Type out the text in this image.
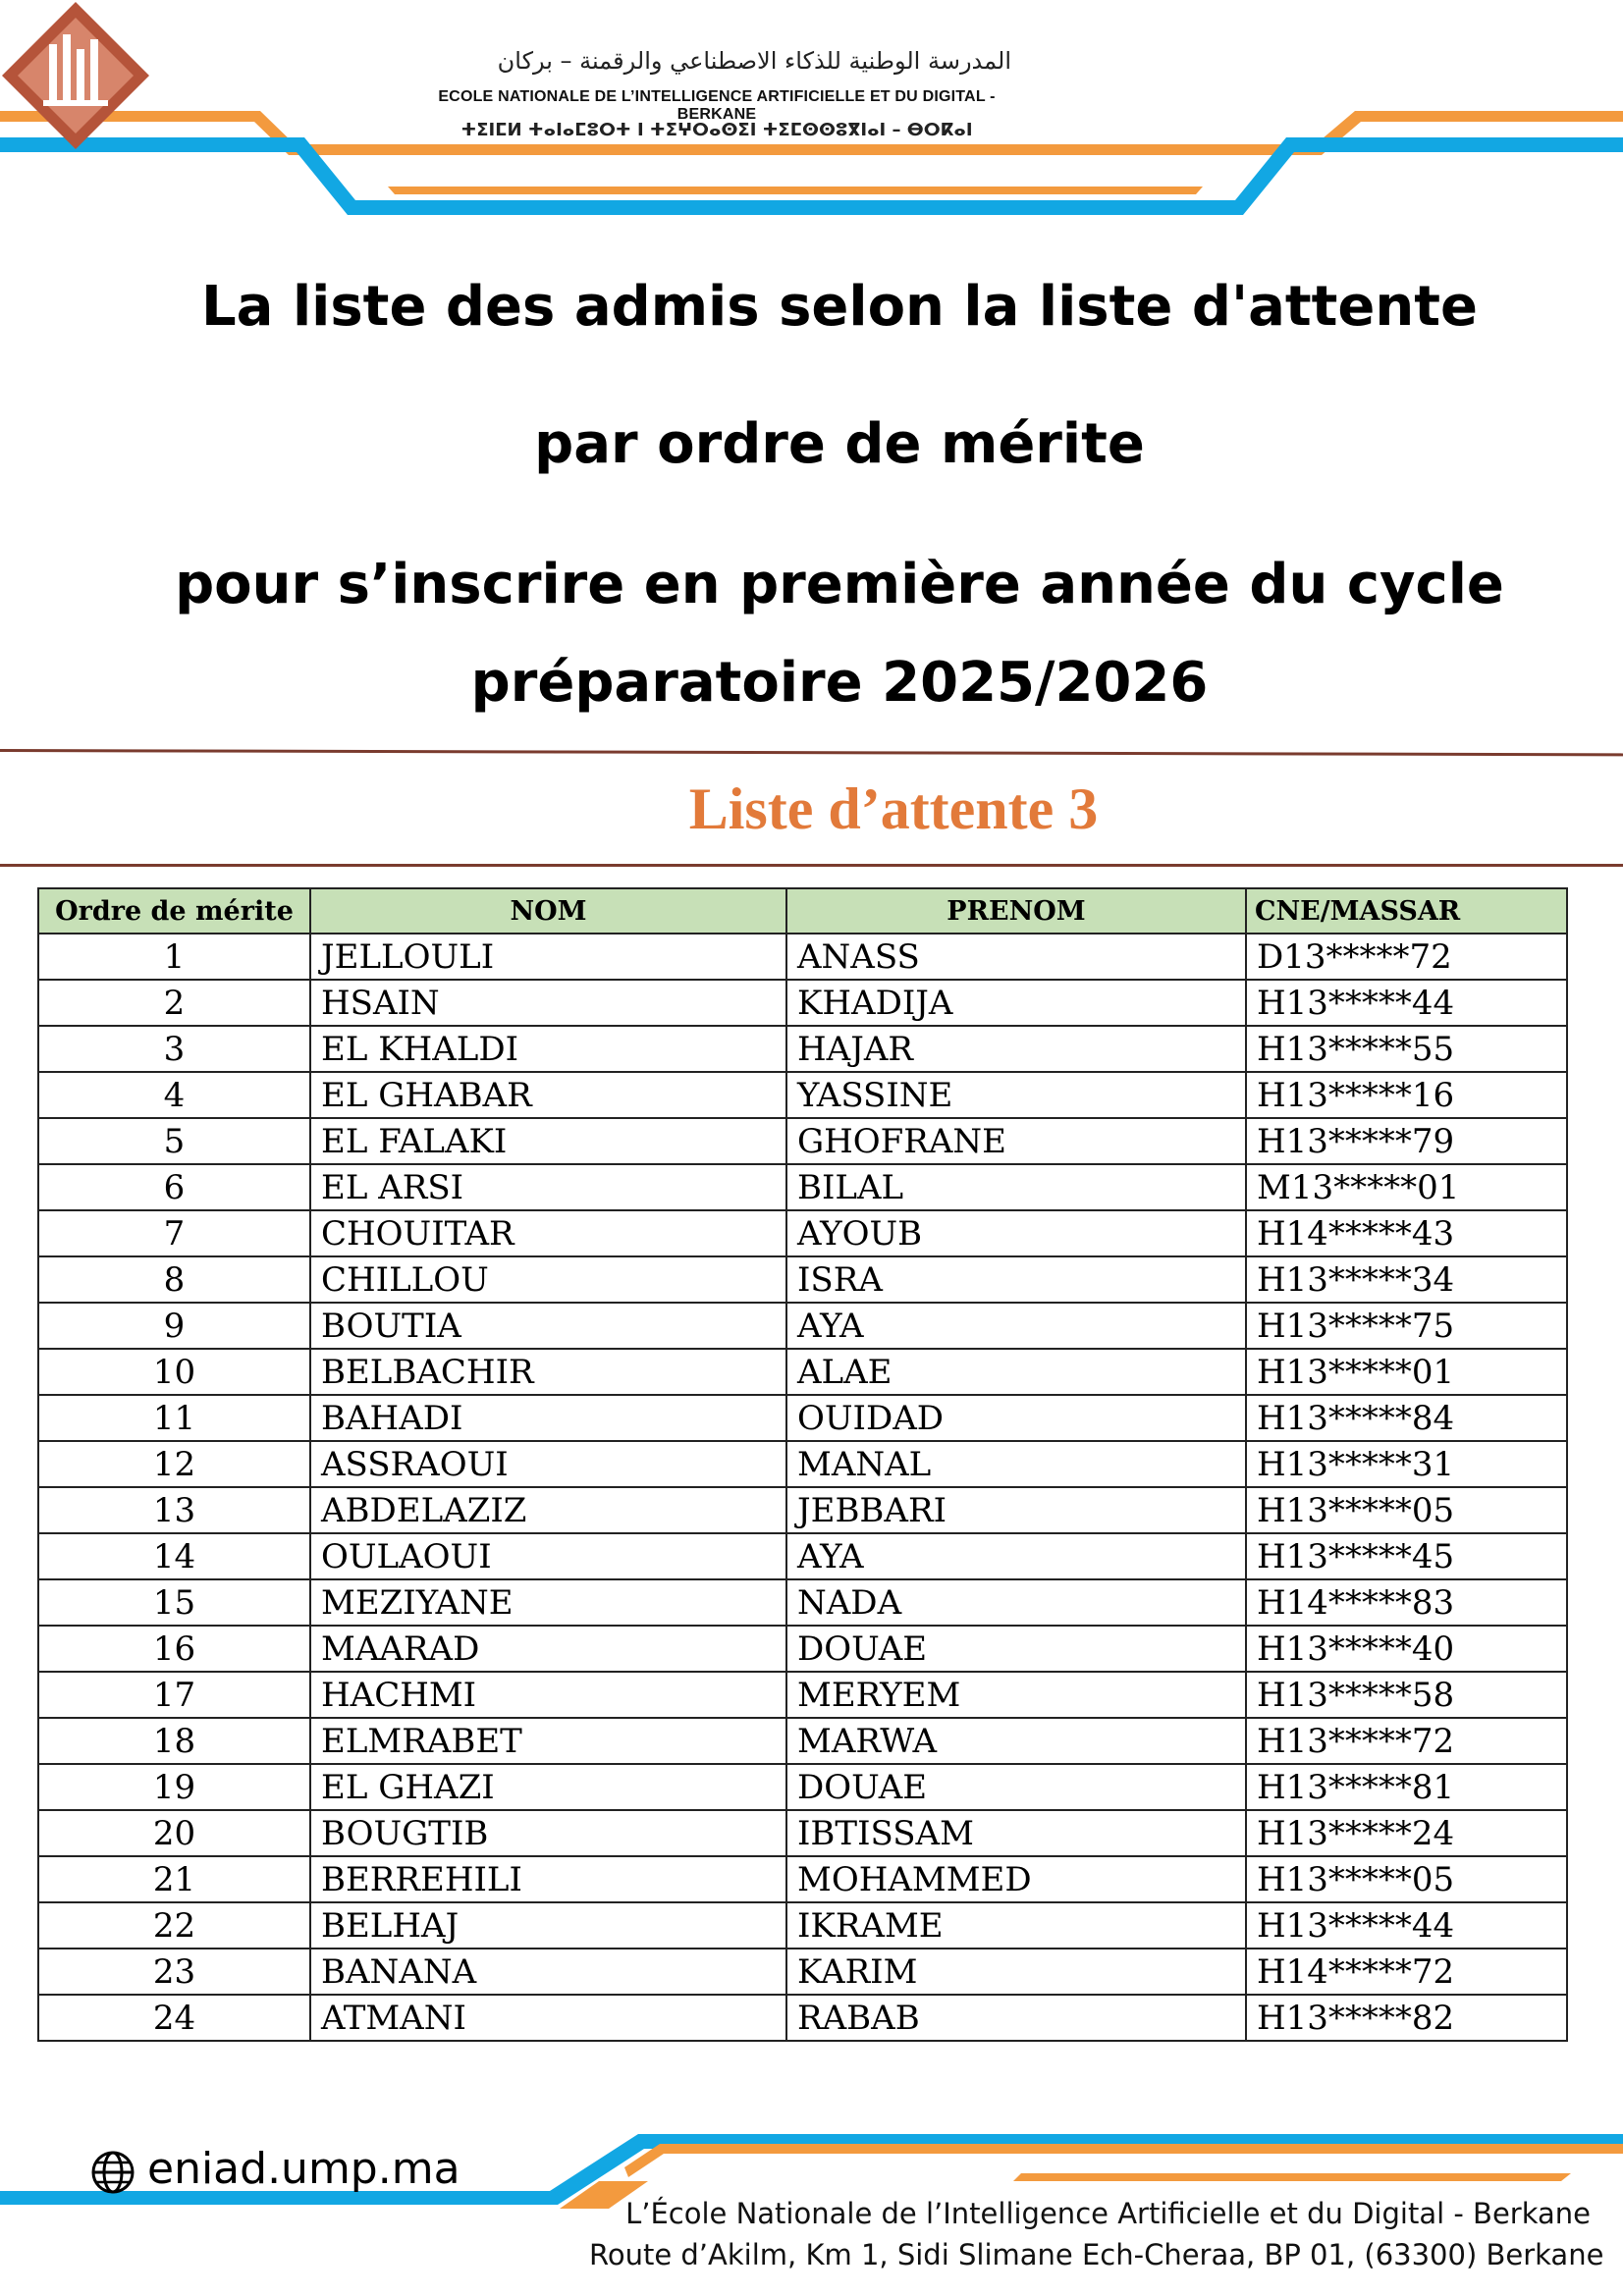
المدرسة الوطنية للذكاء الاصطناعي والرقمنة – بركان
ECOLE NATIONALE DE L’INTELLIGENCE ARTIFICIELLE ET DU DIGITAL - BERKANE
ⵜⵉⵏⵎⵍ ⵜⴰⵏⴰⵎⵓⵔⵜ ⵏ ⵜⵉⵖⵔⴰⵙⵉⵏ ⵜⵉⵎⵙⵙⵓⴳⵏⴰⵏ – ⴱⵔⴽⴰⵏ
La liste des admis selon la liste d'attente
par ordre de mérite
pour s’inscrire en première année du cycle
préparatoire 2025/2026
Liste d’attente 3
Ordre de mérite	NOM	PRENOM	CNE/MASSAR
1	JELLOULI	ANASS	D13*****72
2	HSAIN	KHADIJA	H13*****44
3	EL KHALDI	HAJAR	H13*****55
4	EL GHABAR	YASSINE	H13*****16
5	EL FALAKI	GHOFRANE	H13*****79
6	EL ARSI	BILAL	M13*****01
7	CHOUITAR	AYOUB	H14*****43
8	CHILLOU	ISRA	H13*****34
9	BOUTIA	AYA	H13*****75
10	BELBACHIR	ALAE	H13*****01
11	BAHADI	OUIDAD	H13*****84
12	ASSRAOUI	MANAL	H13*****31
13	ABDELAZIZ	JEBBARI	H13*****05
14	OULAOUI	AYA	H13*****45
15	MEZIYANE	NADA	H14*****83
16	MAARAD	DOUAE	H13*****40
17	HACHMI	MERYEM	H13*****58
18	ELMRABET	MARWA	H13*****72
19	EL GHAZI	DOUAE	H13*****81
20	BOUGTIB	IBTISSAM	H13*****24
21	BERREHILI	MOHAMMED	H13*****05
22	BELHAJ	IKRAME	H13*****44
23	BANANA	KARIM	H14*****72
24	ATMANI	RABAB	H13*****82
eniad.ump.ma
L’École Nationale de l’Intelligence Artificielle et du Digital - Berkane
Route d’Akilm, Km 1, Sidi Slimane Ech-Cheraa, BP 01, (63300) Berkane
